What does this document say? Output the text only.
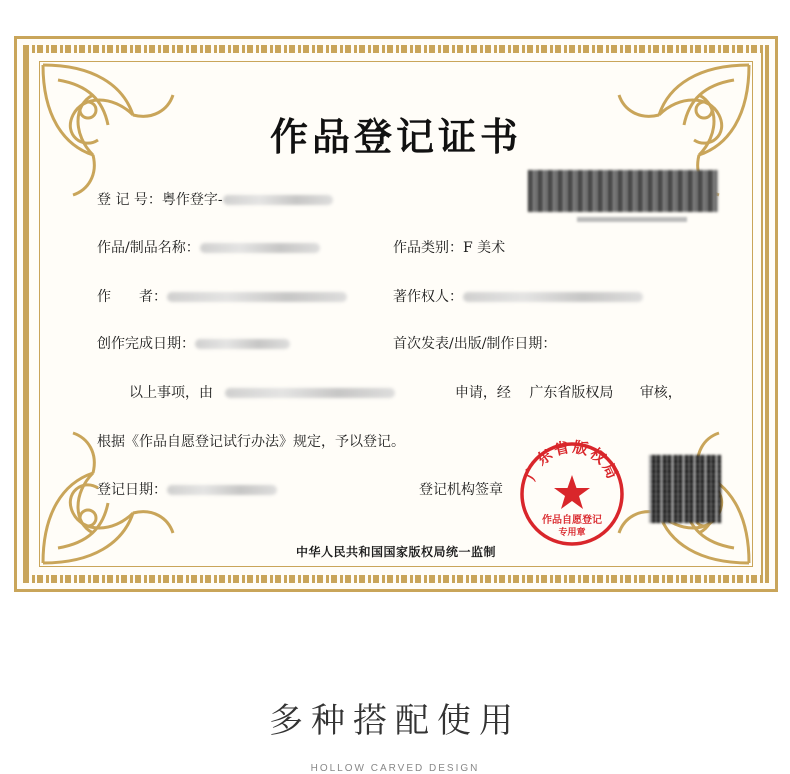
作品登记证书
登 记 号：粤作登字-
作品/制品名称：	作品类别：F 美术
作　　者：	著作权人：
创作完成日期：	首次发表/出版/制作日期：
以上事项，由	申请，经 广东省版权局 审核，
根据《作品自愿登记试行办法》规定，予以登记。
登记日期：	登记机构签章
广东省版权局
作品自愿登记
专用章
中华人民共和国国家版权局统一监制
多种搭配使用
HOLLOW CARVED DESIGN
